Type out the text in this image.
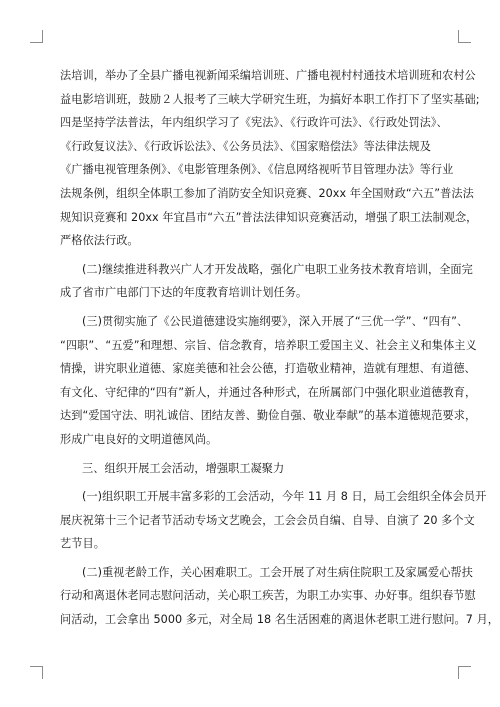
法培训，举办了全县广播电视新闻采编培训班、广播电视村村通技术培训班和农村公
益电影培训班，鼓励２人报考了三峡大学研究生班，为搞好本职工作打下了坚实基础;
四是坚持学法普法，年内组织学习了《宪法》、《行政许可法》、《行政处罚法》、
《行政复议法》、《行政诉讼法》、《公务员法》、《国家赔偿法》等法律法规及
《广播电视管理条例》、《电影管理条例》、《信息网络视听节目管理办法》等行业
法规条例，组织全体职工参加了消防安全知识竞赛、20xx 年全国财政“六五”普法法
规知识竞赛和 20xx 年宜昌市“六五”普法法律知识竞赛活动，增强了职工法制观念，
严格依法行政。

(二)继续推进科教兴广人才开发战略，强化广电职工业务技术教育培训，全面完
成了省市广电部门下达的年度教育培训计划任务。

(三)贯彻实施了《公民道德建设实施纲要》，深入开展了“三优一学”、“四有”、
“四职”、“五爱”和理想、宗旨、信念教育，培养职工爱国主义、社会主义和集体主义
情操，讲究职业道德、家庭美德和社会公德，打造敬业精神，造就有理想、有道德、
有文化、守纪律的“四有”新人，并通过各种形式，在所属部门中强化职业道德教育，
达到“爱国守法、明礼诚信、团结友善、勤俭自强、敬业奉献”的基本道德规范要求，
形成广电良好的文明道德风尚。

三、组织开展工会活动，增强职工凝聚力

(一)组织职工开展丰富多彩的工会活动，今年 11 月 8 日，局工会组织全体会员开
展庆祝第十三个记者节活动专场文艺晚会，工会会员自编、自导、自演了 20 多个文
艺节目。

(二)重视老龄工作，关心困难职工。工会开展了对生病住院职工及家属爱心帮扶
行动和离退休老同志慰问活动，关心职工疾苦，为职工办实事、办好事。组织春节慰
问活动，工会拿出 5000 多元，对全局 18 名生活困难的离退休老职工进行慰问。7 月，
